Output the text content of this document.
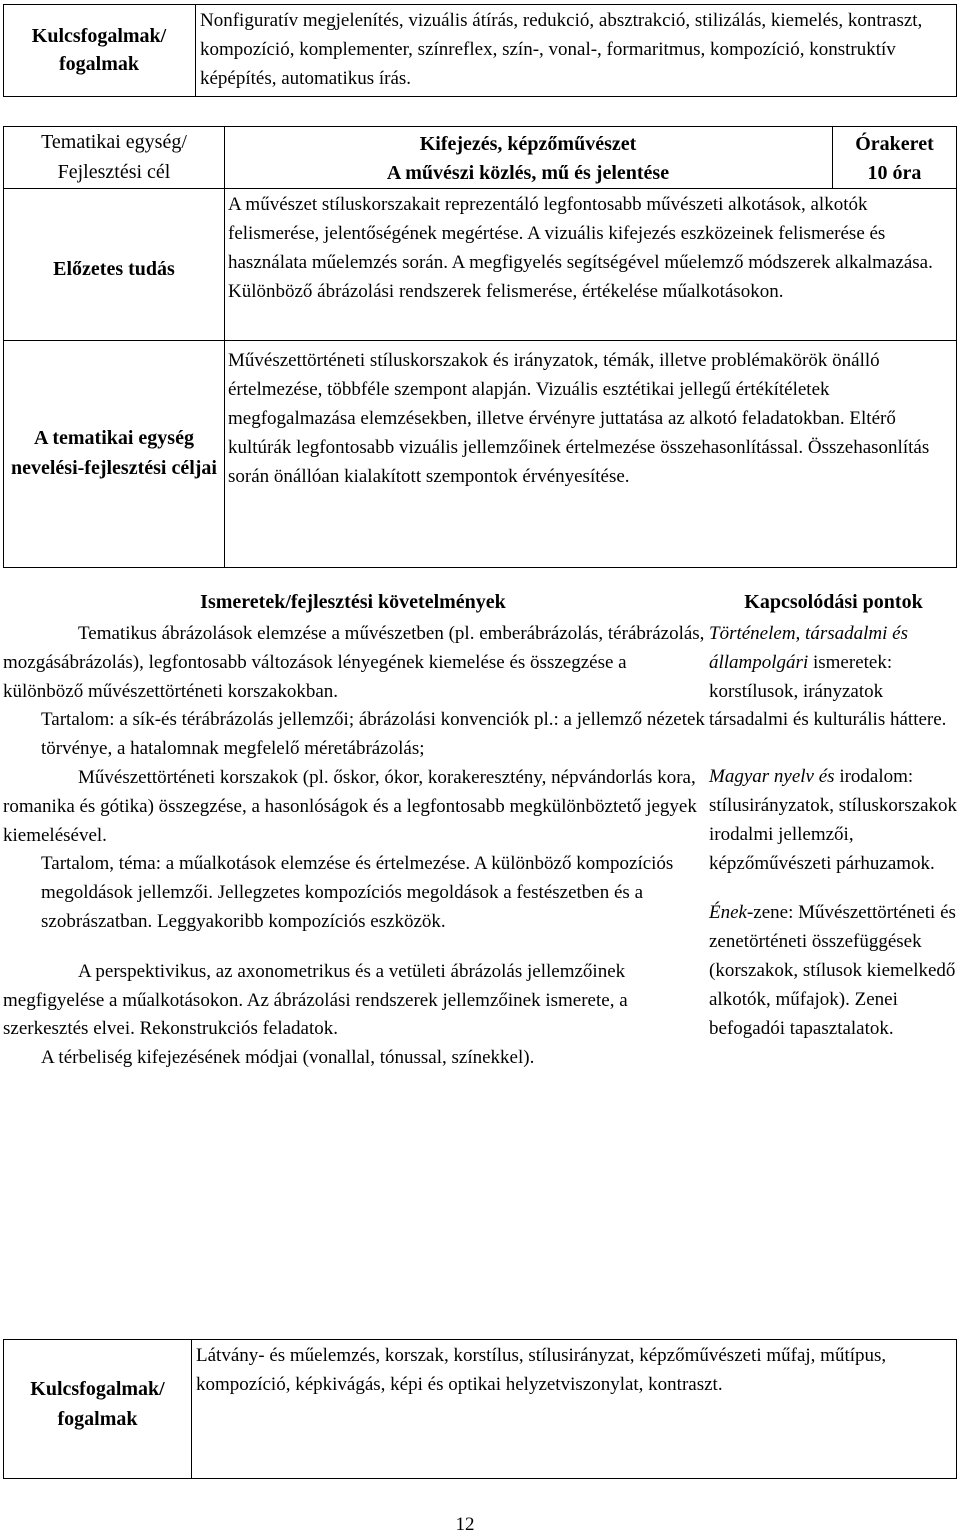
Kulcsfogalmak/ fogalmak
Nonfiguratív megjelenítés, vizuális átírás, redukció, absztrakció, stilizálás, kiemelés, kontraszt, kompozíció, komplementer, színreflex, szín-, vonal-, formaritmus, kompozíció, konstruktív képépítés, automatikus írás.
Tematikai egység/ Fejlesztési cél
Kifejezés, képzőművészet
A művészi közlés, mű és jelentése
Órakeret
10 óra
Előzetes tudás
A művészet stíluskorszakait reprezentáló legfontosabb művészeti alkotások, alkotók felismerése, jelentőségének megértése. A vizuális kifejezés eszközeinek felismerése és használata műelemzés során. A megfigyelés segítségével műelemző módszerek alkalmazása. Különböző ábrázolási rendszerek felismerése, értékelése műalkotásokon.
A tematikai egység nevelési-fejlesztési céljai
Művészettörténeti stíluskorszakok és irányzatok, témák, illetve problémakörök önálló értelmezése, többféle szempont alapján. Vizuális esztétikai jellegű értékítéletek megfogalmazása elemzésekben, illetve érvényre juttatása az alkotó feladatokban. Eltérő kultúrák legfontosabb vizuális jellemzőinek értelmezése összehasonlítással. Összehasonlítás során önállóan kialakított szempontok érvényesítése.
Ismeretek/fejlesztési követelmények	Kapcsolódási pontok

Tematikus ábrázolások elemzése a művészetben (pl. emberábrázolás, térábrázolás, mozgásábrázolás), legfontosabb változások lényegének kiemelése és összegzése a különböző művészettörténeti korszakokban.

Tartalom: a sík-és térábrázolás jellemzői; ábrázolási konvenciók pl.: a jellemző nézetek törvénye, a hatalomnak megfelelő méretábrázolás;

Művészettörténeti korszakok (pl. őskor, ókor, korakeresztény, népvándorlás kora, romanika és gótika) összegzése, a hasonlóságok és a legfontosabb megkülönböztető jegyek kiemelésével.

Tartalom, téma: a műalkotások elemzése és értelmezése. A különböző kompozíciós megoldások jellemzői. Jellegzetes kompozíciós megoldások a festészetben és a szobrászatban. Leggyakoribb kompozíciós eszközök.

A perspektivikus, az axonometrikus és a vetületi ábrázolás jellemzőinek megfigyelése a műalkotásokon. Az ábrázolási rendszerek jellemzőinek ismerete, a szerkesztés elvei. Rekonstrukciós feladatok.

A térbeliség kifejezésének módjai (vonallal, tónussal, színekkel).

Történelem, társadalmi és állampolgári ismeretek: korstílusok, irányzatok társadalmi és kulturális háttere.

Magyar nyelv és irodalom: stílusirányzatok, stíluskorszakok irodalmi jellemzői, képzőművészeti párhuzamok.

Ének-zene: Művészettörténeti és zenetörténeti összefüggések (korszakok, stílusok kiemelkedő alkotók, műfajok). Zenei befogadói tapasztalatok.

Kulcsfogalmak/ fogalmak
Látvány- és műelemzés, korszak, korstílus, stílusirányzat, képzőművészeti műfaj, műtípus, kompozíció, képkivágás, képi és optikai helyzetviszonylat, kontraszt.
12
